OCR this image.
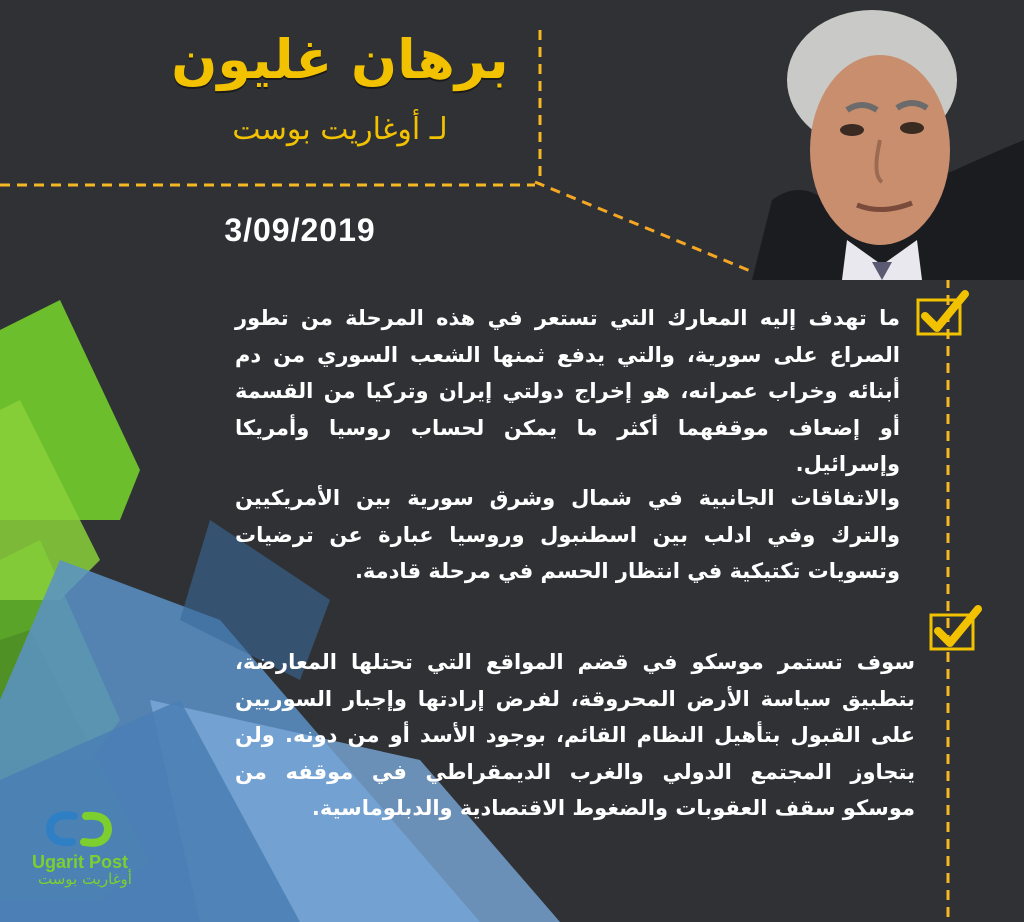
برهان غليون
لـ أوغاريت بوست
3/09/2019
ما تهدف إليه المعارك التي تستعر في هذه المرحلة من تطور الصراع على سورية، والتي يدفع ثمنها الشعب السوري من دم أبنائه وخراب عمرانه، هو إخراج دولتي إيران وتركيا من القسمة أو إضعاف موقفهما أكثر ما يمكن لحساب روسيا وأمريكا وإسرائيل.
والاتفاقات الجانبية في شمال وشرق سورية بين الأمريكيين والترك وفي ادلب بين اسطنبول وروسيا عبارة عن ترضيات وتسويات تكتيكية في انتظار الحسم في مرحلة قادمة.
سوف تستمر موسكو في قضم المواقع التي تحتلها المعارضة، بتطبيق سياسة الأرض المحروقة، لفرض إرادتها وإجبار السوريين على القبول بتأهيل النظام القائم، بوجود الأسد أو من دونه. ولن يتجاوز المجتمع الدولي والغرب الديمقراطي في موقفه من موسكو سقف العقوبات والضغوط الاقتصادية والدبلوماسية.
Ugarit Post
أوغاريت بوست
